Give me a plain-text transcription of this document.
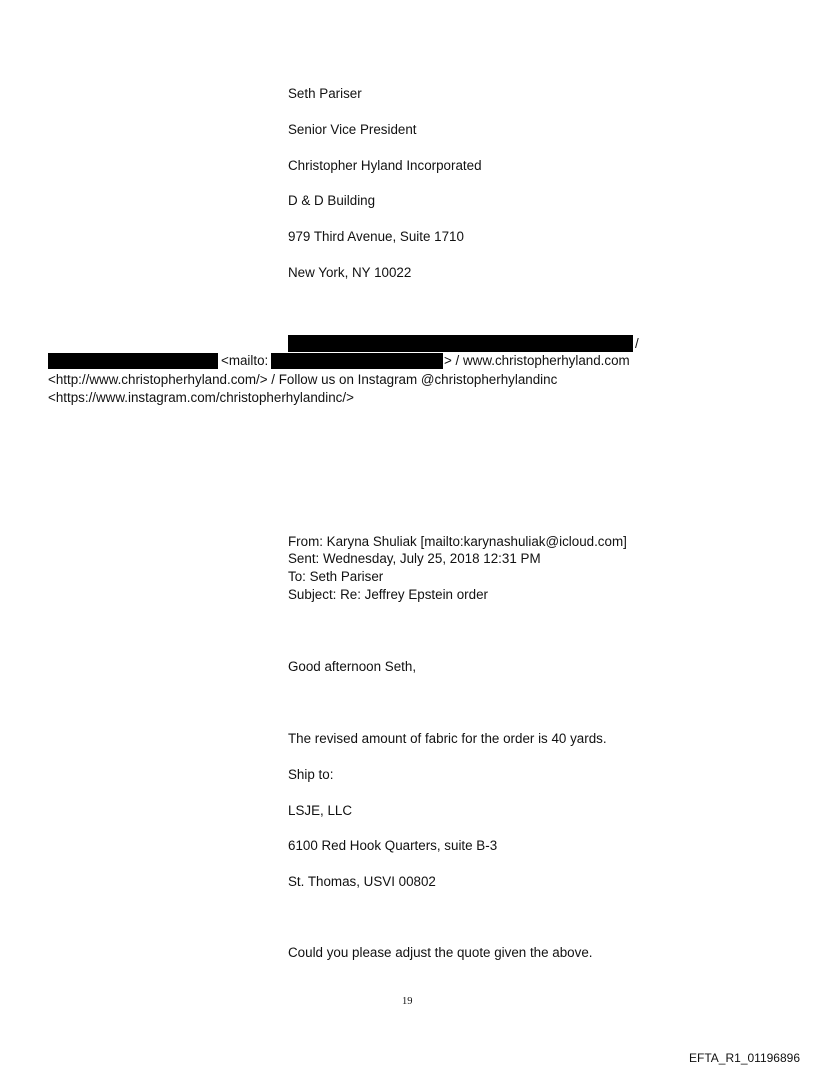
Seth Pariser
Senior Vice President
Christopher Hyland Incorporated
D & D Building
979 Third Avenue, Suite 1710
New York, NY 10022
/
<mailto:	> / www.christopherhyland.com
<http://www.christopherhyland.com/> / Follow us on Instagram @christopherhylandinc
<https://www.instagram.com/christopherhylandinc/>
From: Karyna Shuliak [mailto:karynashuliak@icloud.com]
Sent: Wednesday, July 25, 2018 12:31 PM
To: Seth Pariser
Subject: Re: Jeffrey Epstein order
Good afternoon Seth,
The revised amount of fabric for the order is 40 yards.
Ship to:
LSJE, LLC
6100 Red Hook Quarters, suite B-3
St. Thomas, USVI 00802
Could you please adjust the quote given the above.
19
EFTA_R1_01196896
